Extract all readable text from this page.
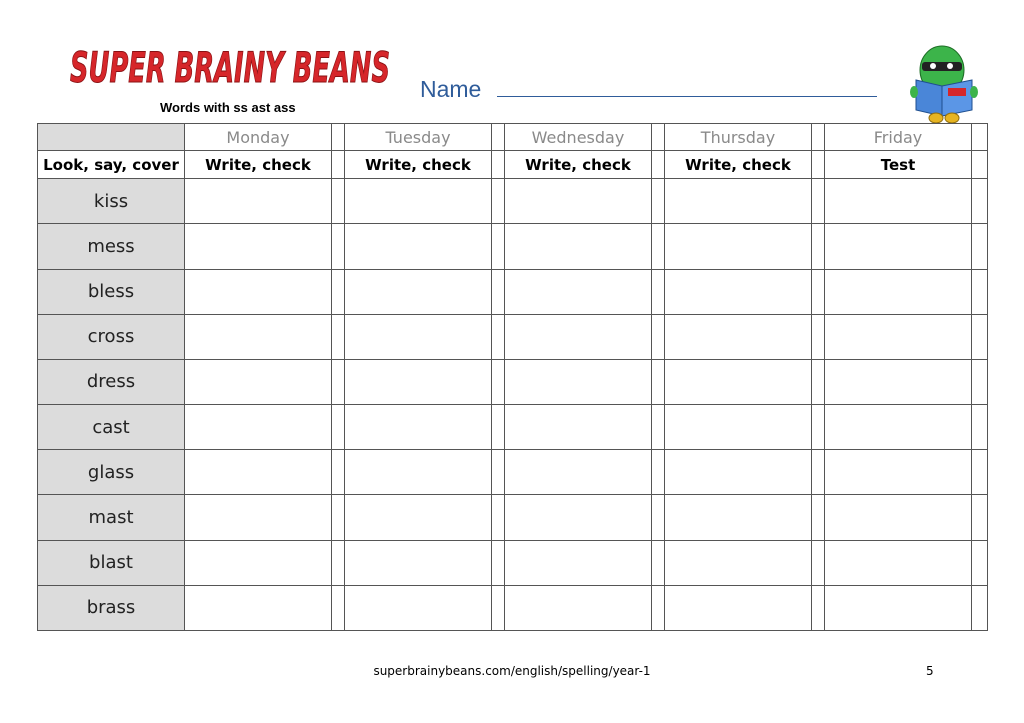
SUPER BRAINY BEANS
Words with ss ast ass
Name
	Monday		Tuesday		Wednesday		Thursday		Friday	
Look, say, cover	Write, check		Write, check		Write, check		Write, check		Test	
kiss										
mess										
bless										
cross										
dress										
cast										
glass										
mast										
blast										
brass										
superbrainybeans.com/english/spelling/year-1	5
